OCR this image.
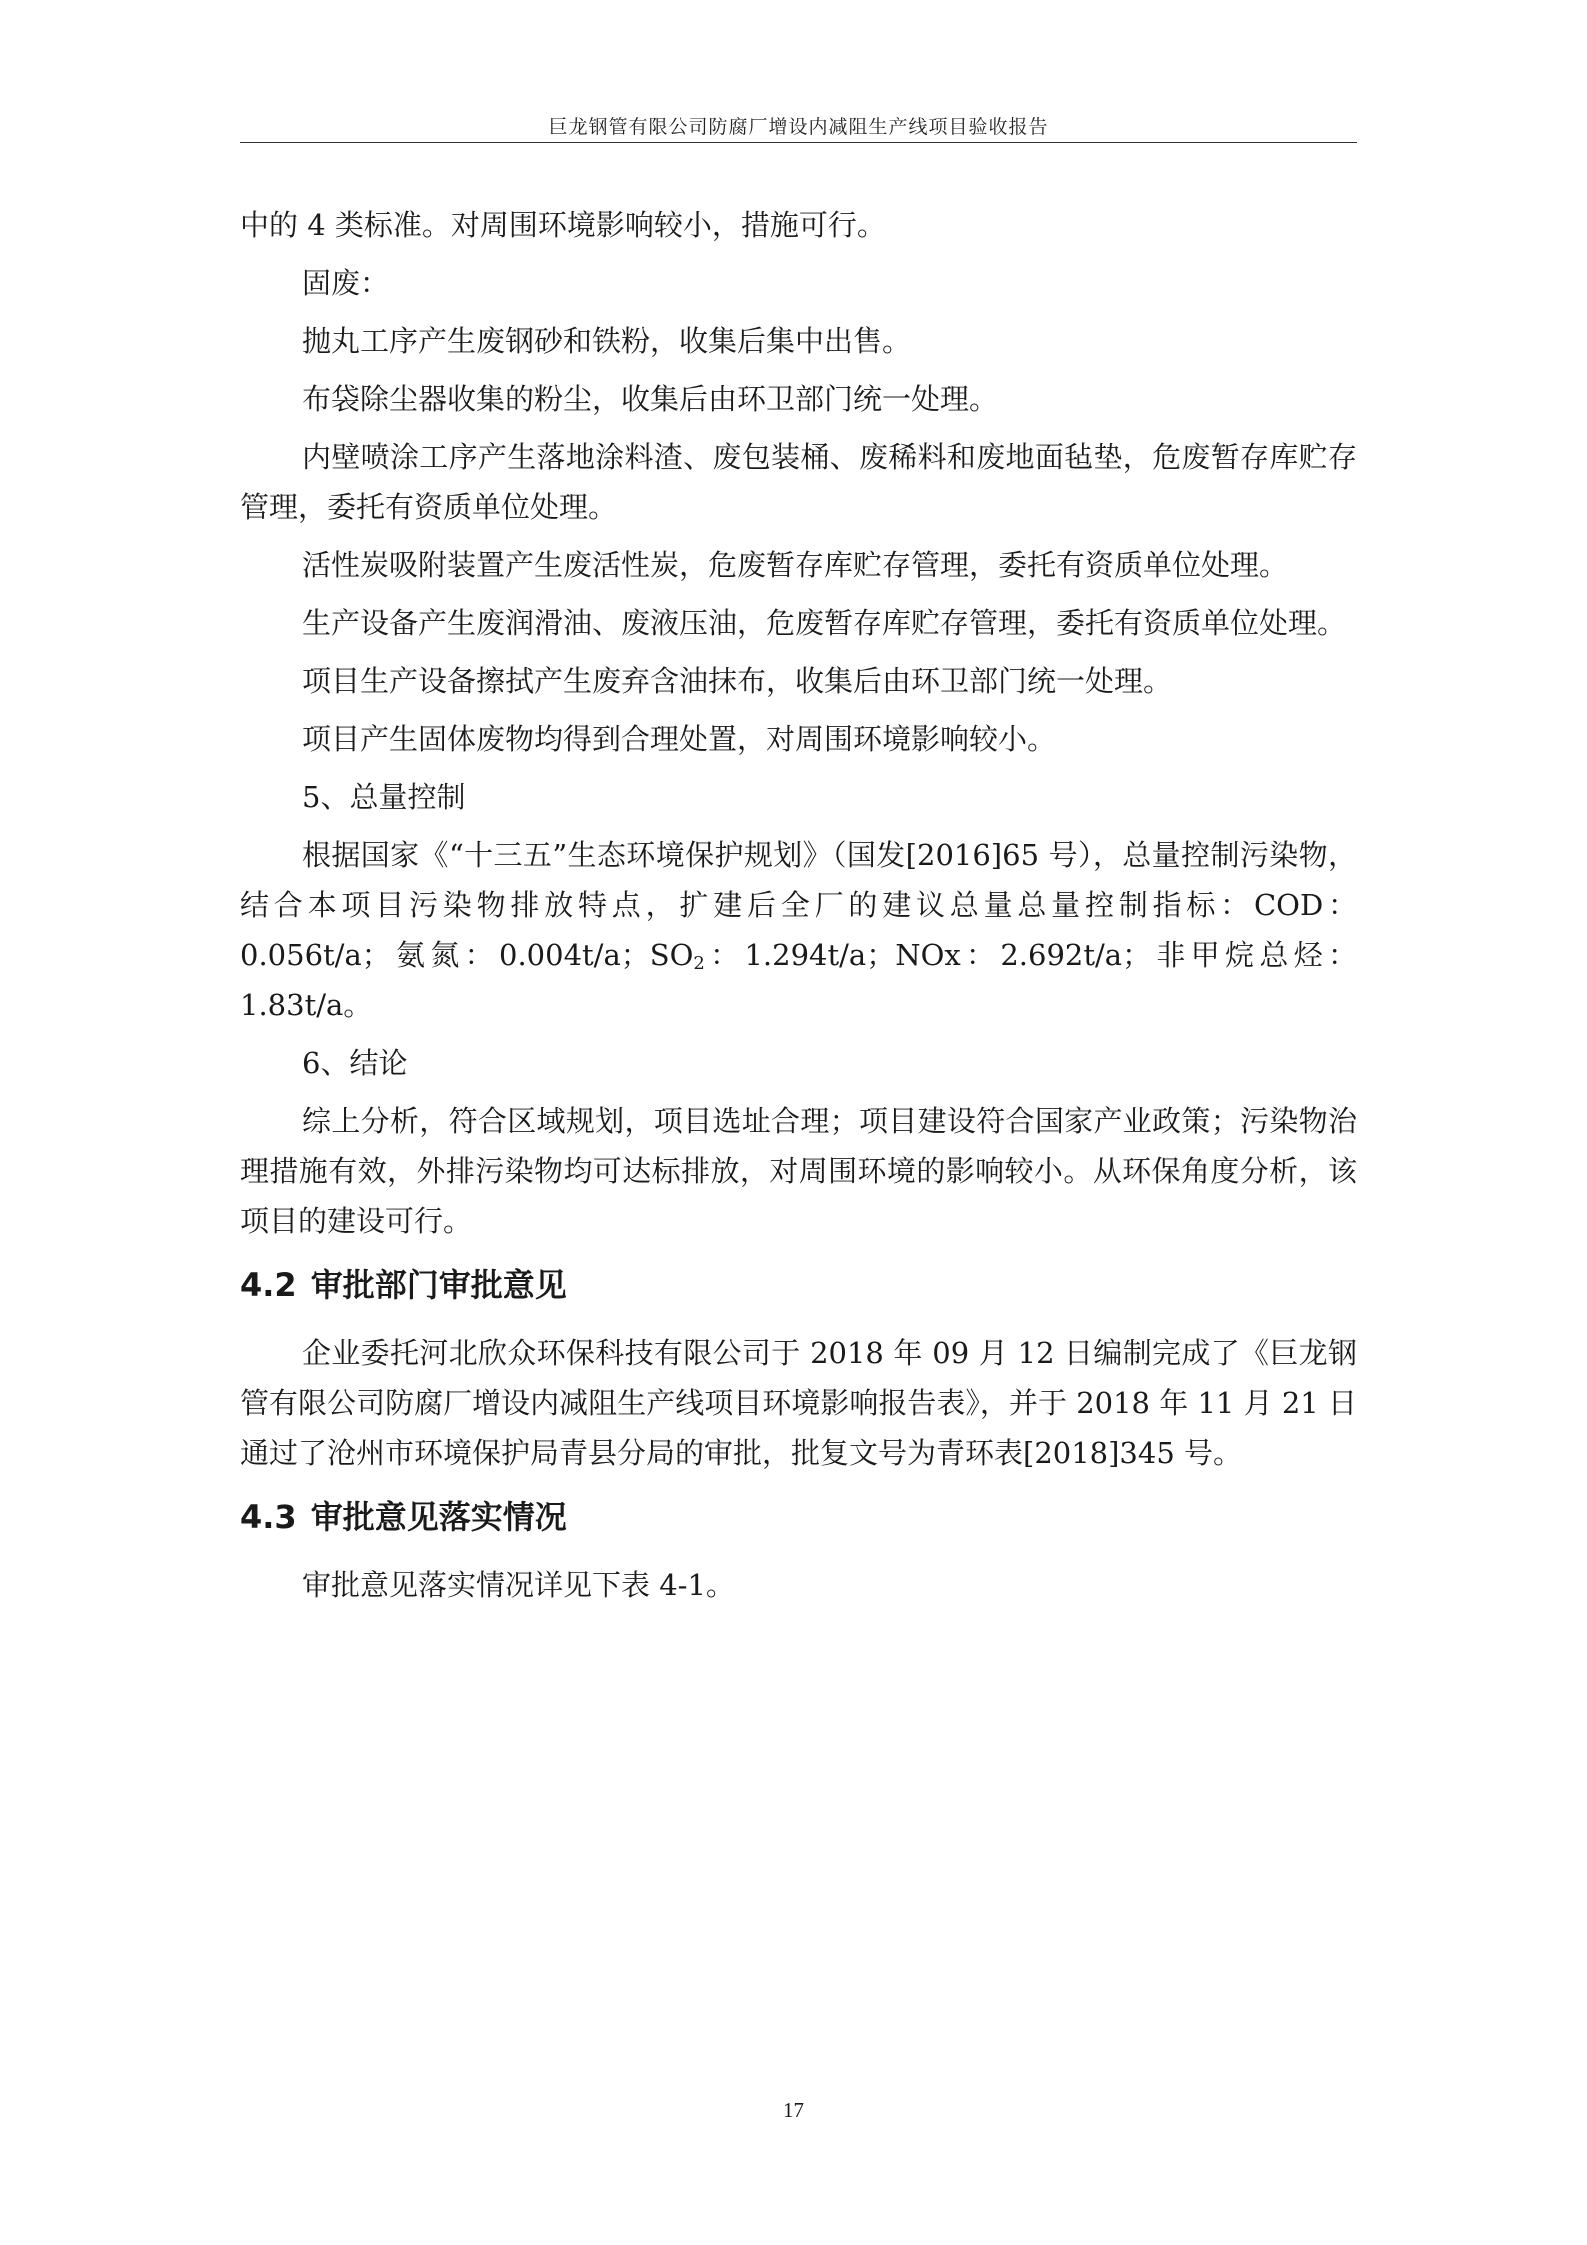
巨龙钢管有限公司防腐厂增设内减阻生产线项目验收报告

中的 4 类标准。对周围环境影响较小，措施可行。

固废：

抛丸工序产生废钢砂和铁粉，收集后集中出售。

布袋除尘器收集的粉尘，收集后由环卫部门统一处理。

内壁喷涂工序产生落地涂料渣、废包装桶、废稀料和废地面毡垫，危废暂存库贮存管理，委托有资质单位处理。

活性炭吸附装置产生废活性炭，危废暂存库贮存管理，委托有资质单位处理。

生产设备产生废润滑油、废液压油，危废暂存库贮存管理，委托有资质单位处理。

项目生产设备擦拭产生废弃含油抹布，收集后由环卫部门统一处理。

项目产生固体废物均得到合理处置，对周围环境影响较小。

5、总量控制

根据国家《“十三五”生态环境保护规划》（国发[2016]65 号），总量控制污染物，结合本项目污染物排放特点，扩建后全厂的建议总量总量控制指标：COD：0.056t/a；氨氮：0.004t/a；$SO_2$：1.294t/a；NOx：2.692t/a；非甲烷总烃：1.83t/a。

6、结论

综上分析，符合区域规划，项目选址合理；项目建设符合国家产业政策；污染物治理措施有效，外排污染物均可达标排放，对周围环境的影响较小。从环保角度分析，该项目的建设可行。

4.2 审批部门审批意见

企业委托河北欣众环保科技有限公司于 2018 年 09 月 12 日编制完成了《巨龙钢管有限公司防腐厂增设内减阻生产线项目环境影响报告表》，并于 2018 年 11 月 21 日通过了沧州市环境保护局青县分局的审批，批复文号为青环表[2018]345 号。

4.3 审批意见落实情况

审批意见落实情况详见下表 4-1。

17
